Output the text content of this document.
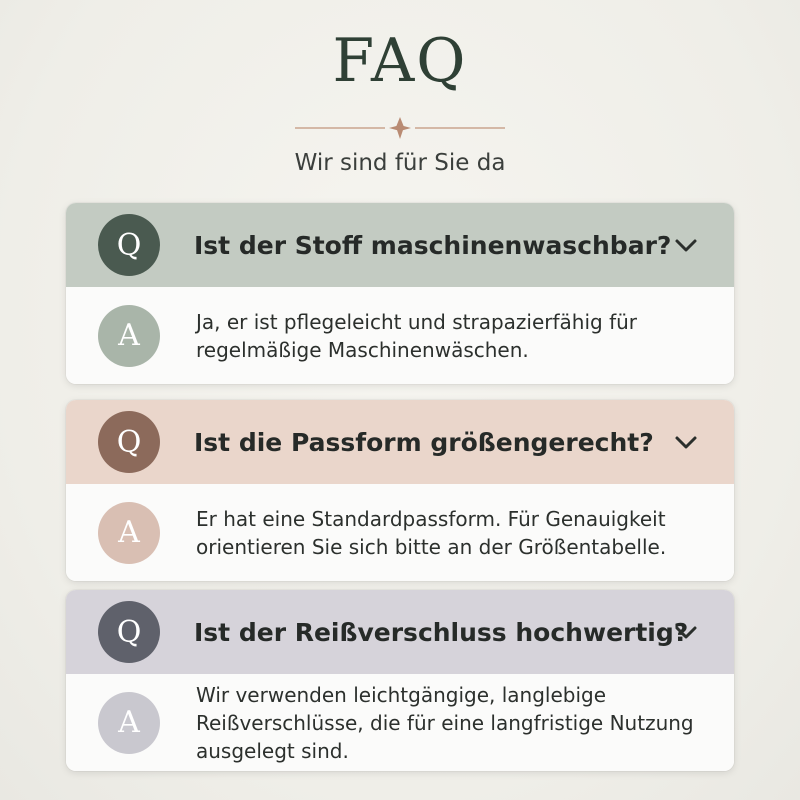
FAQ
Wir sind für Sie da
Q	Ist der Stoff maschinenwaschbar?
A	Ja, er ist pflegeleicht und strapazierfähig für regelmäßige Maschinenwäschen.
Q	Ist die Passform größengerecht?
A	Er hat eine Standardpassform. Für Genauigkeit orientieren Sie sich bitte an der Größentabelle.
Q	Ist der Reißverschluss hochwertig?
A
Wir verwenden leichtgängige, langlebige Reißverschlüsse, die für eine langfristige Nutzung ausgelegt sind.
